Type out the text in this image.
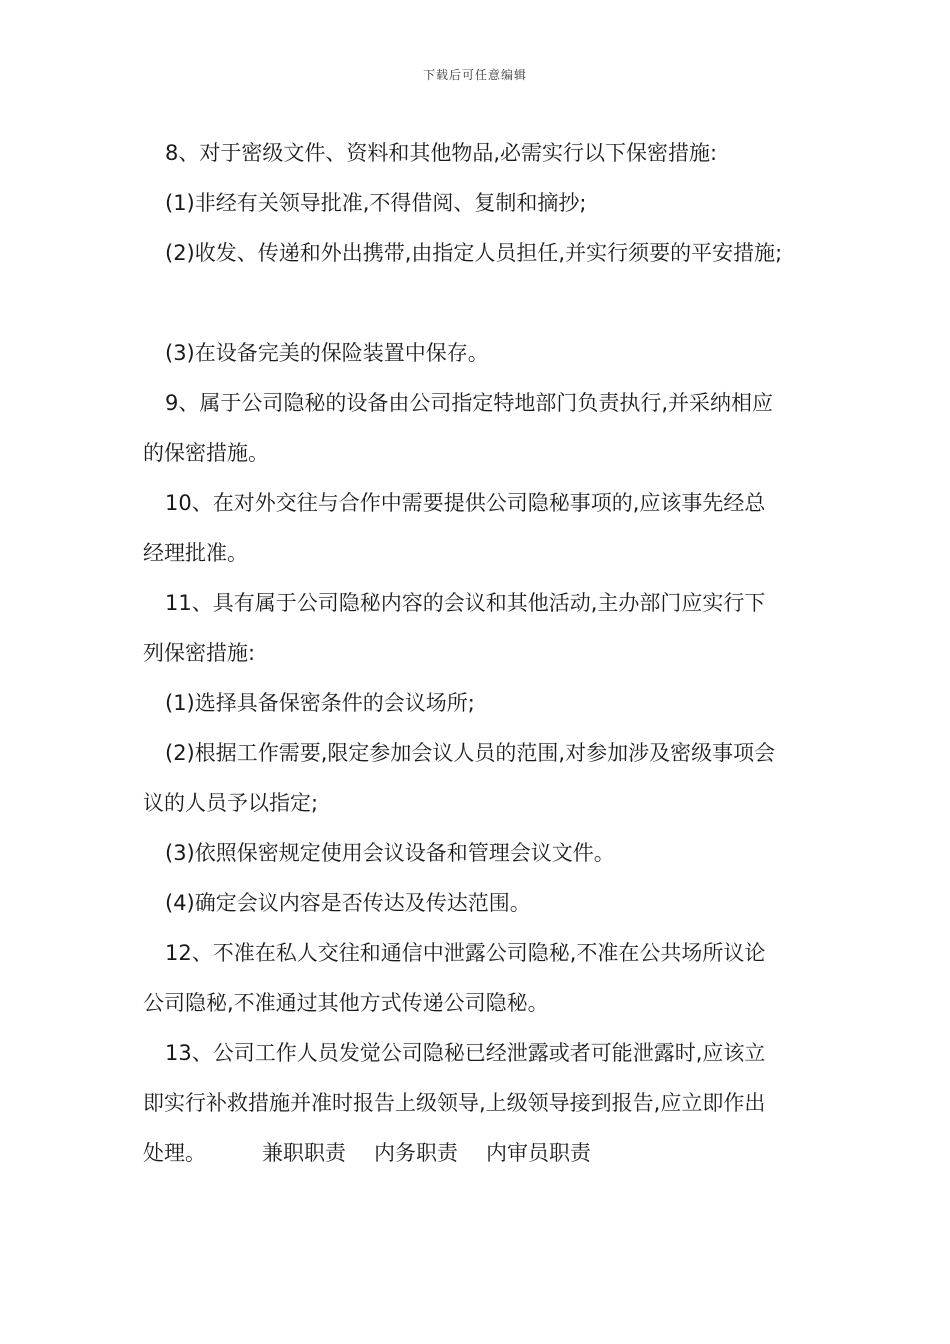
下载后可任意编辑
8、对于密级文件、资料和其他物品,必需实行以下保密措施:
(1)非经有关领导批准,不得借阅、复制和摘抄;
(2)收发、传递和外出携带,由指定人员担任,并实行须要的平安措施;
(3)在设备完美的保险装置中保存。
9、属于公司隐秘的设备由公司指定特地部门负责执行,并采纳相应
的保密措施。
10、在对外交往与合作中需要提供公司隐秘事项的,应该事先经总
经理批准。
11、具有属于公司隐秘内容的会议和其他活动,主办部门应实行下
列保密措施:
(1)选择具备保密条件的会议场所;
(2)根据工作需要,限定参加会议人员的范围,对参加涉及密级事项会
议的人员予以指定;
(3)依照保密规定使用会议设备和管理会议文件。
(4)确定会议内容是否传达及传达范围。
12、不准在私人交往和通信中泄露公司隐秘,不准在公共场所议论
公司隐秘,不准通过其他方式传递公司隐秘。
13、公司工作人员发觉公司隐秘已经泄露或者可能泄露时,应该立
即实行补救措施并准时报告上级领导,上级领导接到报告,应立即作出
处理。	兼职职责 内务职责 内审员职责
